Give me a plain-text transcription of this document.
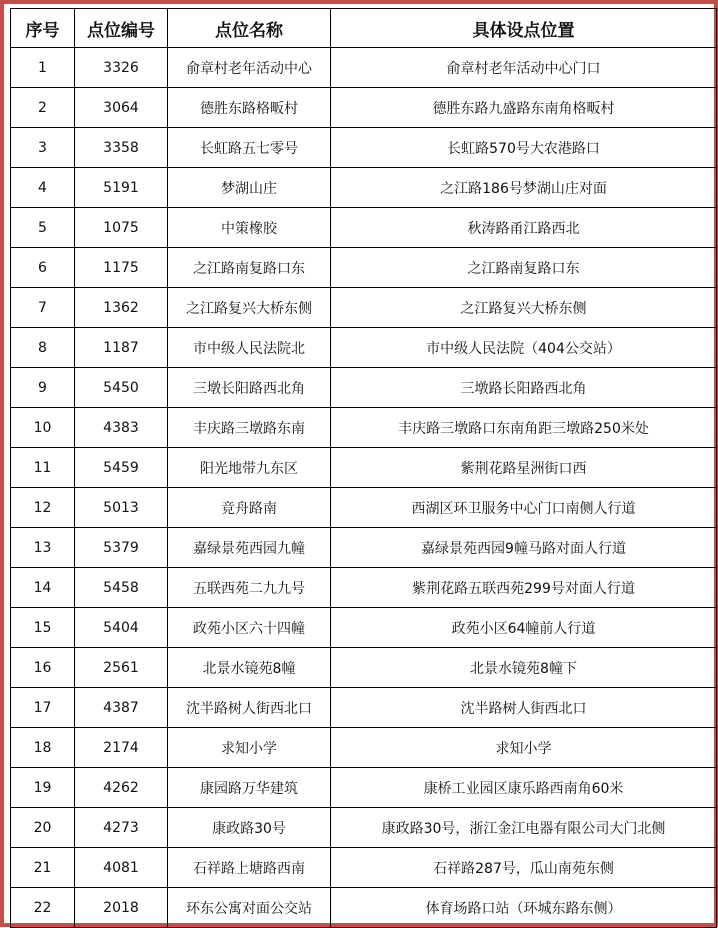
序号	点位编号	点位名称	具体设点位置
1	3326	俞章村老年活动中心	俞章村老年活动中心门口
2	3064	德胜东路格畈村	德胜东路九盛路东南角格畈村
3	3358	长虹路五七零号	长虹路570号大农港路口
4	5191	梦湖山庄	之江路186号梦湖山庄对面
5	1075	中策橡胶	秋涛路甬江路西北
6	1175	之江路南复路口东	之江路南复路口东
7	1362	之江路复兴大桥东侧	之江路复兴大桥东侧
8	1187	市中级人民法院北	市中级人民法院（404公交站）
9	5450	三墩长阳路西北角	三墩路长阳路西北角
10	4383	丰庆路三墩路东南	丰庆路三墩路口东南角距三墩路250米处
11	5459	阳光地带九东区	紫荆花路星洲街口西
12	5013	竞舟路南	西湖区环卫服务中心门口南侧人行道
13	5379	嘉绿景苑西园九幢	嘉绿景苑西园9幢马路对面人行道
14	5458	五联西苑二九九号	紫荆花路五联西苑299号对面人行道
15	5404	政苑小区六十四幢	政苑小区64幢前人行道
16	2561	北景水镜苑8幢	北景水镜苑8幢下
17	4387	沈半路树人街西北口	沈半路树人街西北口
18	2174	求知小学	求知小学
19	4262	康园路万华建筑	康桥工业园区康乐路西南角60米
20	4273	康政路30号	康政路30号，浙江金江电器有限公司大门北侧
21	4081	石祥路上塘路西南	石祥路287号，瓜山南苑东侧
22	2018	环东公寓对面公交站	体育场路口站（环城东路东侧）
